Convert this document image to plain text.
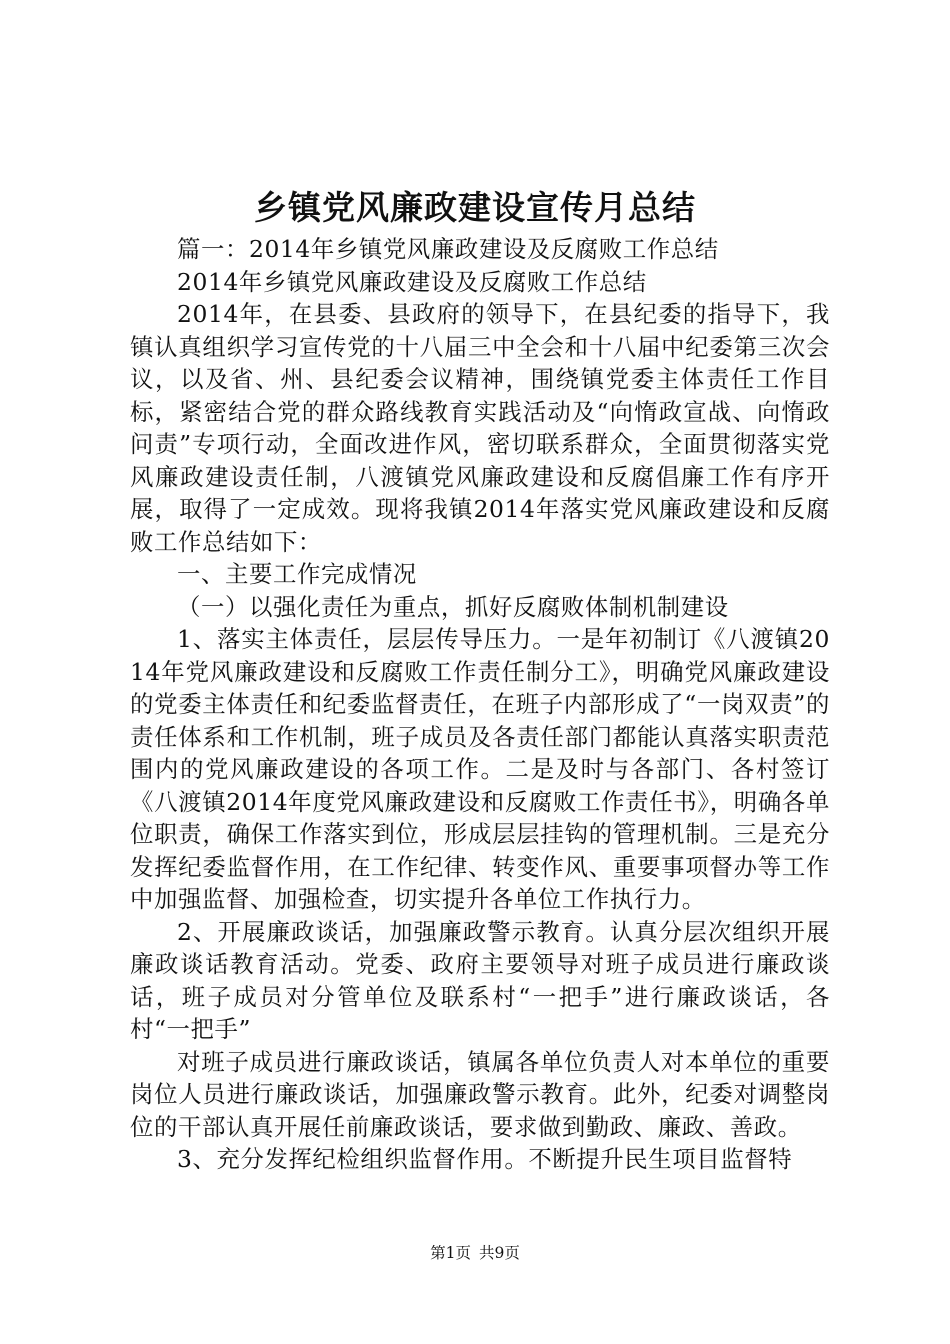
乡镇党风廉政建设宣传月总结

篇一：2014年乡镇党风廉政建设及反腐败工作总结

2014年乡镇党风廉政建设及反腐败工作总结

2014年，在县委、县政府的领导下，在县纪委的指导下，我镇认真组织学习宣传党的十八届三中全会和十八届中纪委第三次会议，以及省、州、县纪委会议精神，围绕镇党委主体责任工作目标，紧密结合党的群众路线教育实践活动及“向惰政宣战、向惰政问责”专项行动，全面改进作风，密切联系群众，全面贯彻落实党风廉政建设责任制，八渡镇党风廉政建设和反腐倡廉工作有序开展，取得了一定成效。现将我镇2014年落实党风廉政建设和反腐败工作总结如下：

一、主要工作完成情况

（一）以强化责任为重点，抓好反腐败体制机制建设

1、落实主体责任，层层传导压力。一是年初制订《八渡镇2014年党风廉政建设和反腐败工作责任制分工》，明确党风廉政建设的党委主体责任和纪委监督责任，在班子内部形成了“一岗双责”的责任体系和工作机制，班子成员及各责任部门都能认真落实职责范围内的党风廉政建设的各项工作。二是及时与各部门、各村签订《八渡镇2014年度党风廉政建设和反腐败工作责任书》，明确各单位职责，确保工作落实到位，形成层层挂钩的管理机制。三是充分发挥纪委监督作用，在工作纪律、转变作风、重要事项督办等工作中加强监督、加强检查，切实提升各单位工作执行力。

2、开展廉政谈话，加强廉政警示教育。认真分层次组织开展廉政谈话教育活动。党委、政府主要领导对班子成员进行廉政谈话，班子成员对分管单位及联系村“一把手”进行廉政谈话，各村“一把手”

对班子成员进行廉政谈话，镇属各单位负责人对本单位的重要岗位人员进行廉政谈话，加强廉政警示教育。此外，纪委对调整岗位的干部认真开展任前廉政谈话，要求做到勤政、廉政、善政。

3、充分发挥纪检组织监督作用。不断提升民生项目监督特

第1页 共9页
